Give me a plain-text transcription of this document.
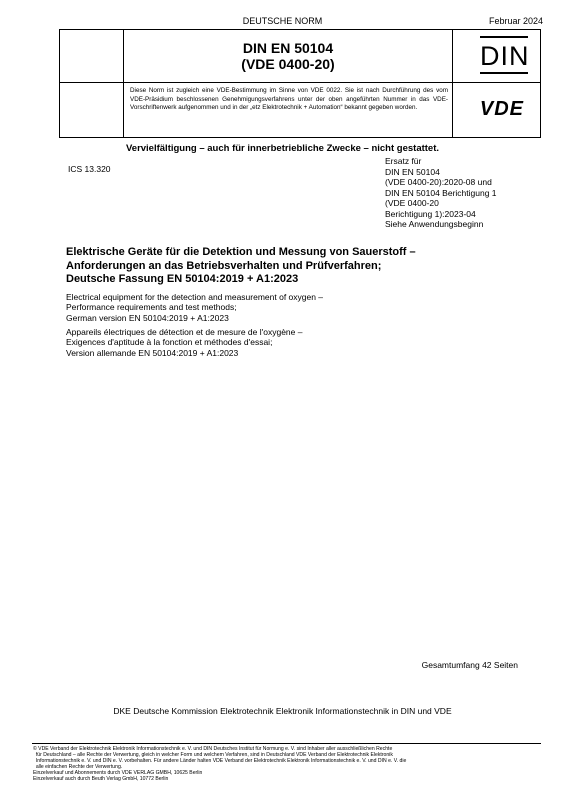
DEUTSCHE NORM	Februar 2024
DIN EN 50104
(VDE 0400-20)	DIN
Diese Norm ist zugleich eine VDE-Bestimmung im Sinne von VDE 0022. Sie ist nach Durchführung des vom VDE-Präsidium beschlossenen Genehmigungsverfahrens unter der oben angeführten Nummer in das VDE-Vorschriftenwerk aufgenommen und in der „etz Elektrotechnik + Automation“ bekannt gegeben worden.	VDE
Vervielfältigung – auch für innerbetriebliche Zwecke – nicht gestattet.
ICS 13.320
Ersatz für
DIN EN 50104
(VDE 0400-20):2020-08 und
DIN EN 50104 Berichtigung 1
(VDE 0400-20
Berichtigung 1):2023-04
Siehe Anwendungsbeginn
Elektrische Geräte für die Detektion und Messung von Sauerstoff –
Anforderungen an das Betriebsverhalten und Prüfverfahren;
Deutsche Fassung EN 50104:2019 + A1:2023
Electrical equipment for the detection and measurement of oxygen –
Performance requirements and test methods;
German version EN 50104:2019 + A1:2023
Appareils électriques de détection et de mesure de l'oxygène –
Exigences d'aptitude à la fonction et méthodes d'essai;
Version allemande EN 50104:2019 + A1:2023
Gesamtumfang 42 Seiten
DKE Deutsche Kommission Elektrotechnik Elektronik Informationstechnik in DIN und VDE
© VDE Verband der Elektrotechnik Elektronik Informationstechnik e. V. und DIN Deutsches Institut für Normung e. V. sind Inhaber aller ausschließlichen Rechte
für Deutschland – alle Rechte der Verwertung, gleich in welcher Form und welchem Verfahren, sind in Deutschland VDE Verband der Elektrotechnik Elektronik
Informationstechnik e. V. und DIN e. V. vorbehalten. Für andere Länder halten VDE Verband der Elektrotechnik Elektronik Informationstechnik e. V. und DIN e. V. die
alle einfachen Rechte der Verwertung.
Einzelverkauf und Abonnements durch VDE VERLAG GMBH, 10625 Berlin
Einzelverkauf auch durch Beuth Verlag GmbH, 10772 Berlin
